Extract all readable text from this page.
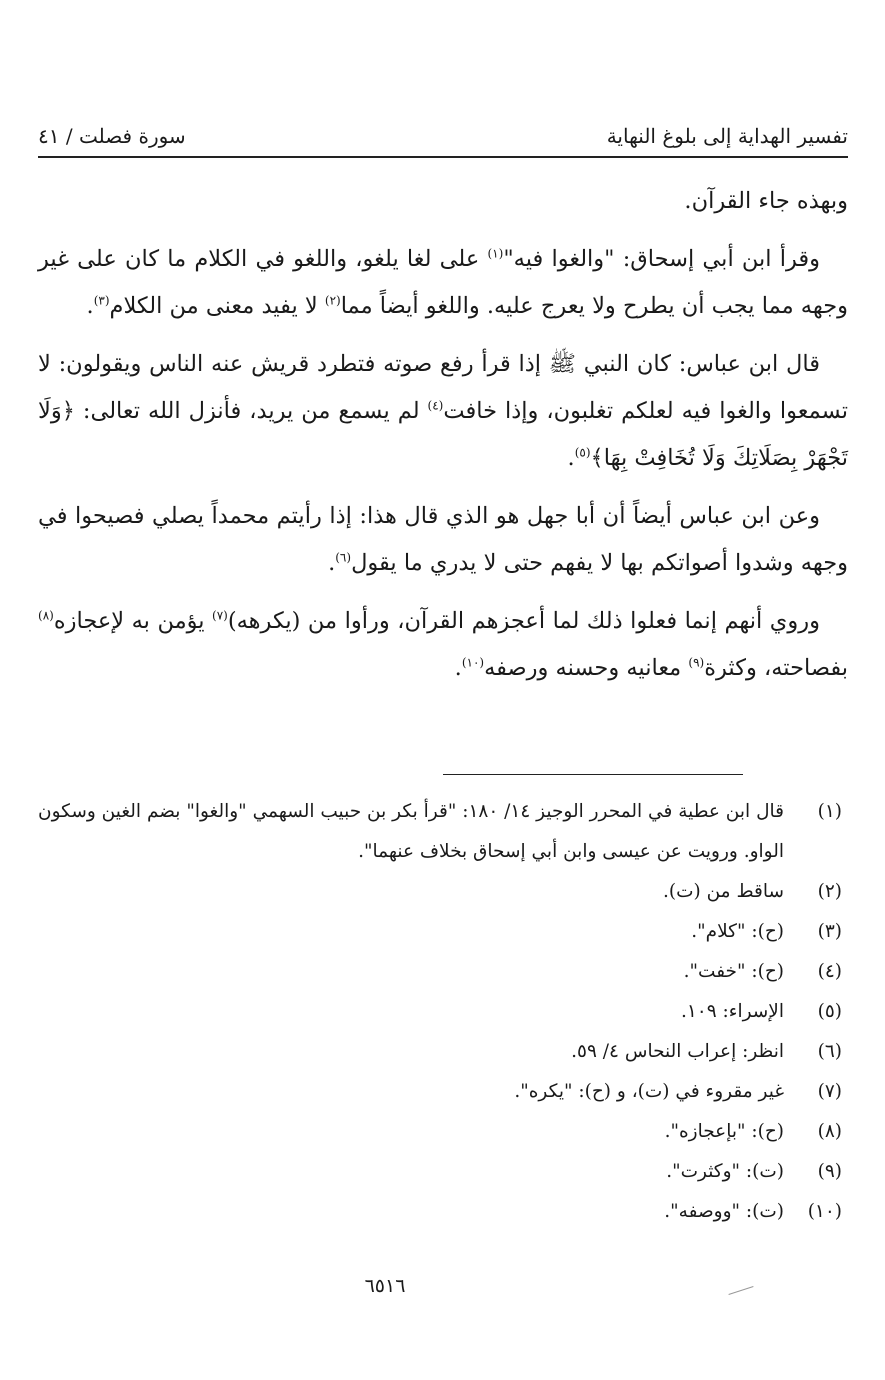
تفسير الهداية إلى بلوغ النهاية
سورة فصلت / ٤١

وبهذه جاء القرآن.

وقرأ ابن أبي إسحاق: "والغوا فيه"$^{(١)}$ على لغا يلغو، واللغو في الكلام ما كان على غير وجهه مما يجب أن يطرح ولا يعرج عليه. واللغو أيضاً مما$^{(٢)}$ لا يفيد معنى من الكلام$^{(٣)}$.

قال ابن عباس: كان النبي ﷺ إذا قرأ رفع صوته فتطرد قريش عنه الناس ويقولون: لا تسمعوا والغوا فيه لعلكم تغلبون، وإذا خافت$^{(٤)}$ لم يسمع من يريد، فأنزل الله تعالى: ﴿وَلَا تَجْهَرْ بِصَلَاتِكَ وَلَا تُخَافِتْ بِهَا﴾$^{(٥)}$.

وعن ابن عباس أيضاً أن أبا جهل هو الذي قال هذا: إذا رأيتم محمداً يصلي فصيحوا في وجهه وشدوا أصواتكم بها لا يفهم حتى لا يدري ما يقول$^{(٦)}$.

وروي أنهم إنما فعلوا ذلك لما أعجزهم القرآن، ورأوا من (يكرهه)$^{(٧)}$ يؤمن به لإعجازه$^{(٨)}$ بفصاحته، وكثرة$^{(٩)}$ معانيه وحسنه ورصفه$^{(١٠)}$.

(١)
قال ابن عطية في المحرر الوجيز ١٤/ ١٨٠: "قرأ بكر بن حبيب السهمي "والغوا" بضم الغين وسكون الواو. ورويت عن عيسى وابن أبي إسحاق بخلاف عنهما".
(٢)
ساقط من (ت).
(٣)
(ح): "كلام".
(٤)
(ح): "خفت".
(٥)
الإسراء: ١٠٩.
(٦)
انظر: إعراب النحاس ٤/ ٥٩.
(٧)
غير مقروء في (ت)، و (ح): "يكره".
(٨)
(ح): "بإعجازه".
(٩)
(ت): "وكثرت".
(١٠)
(ت): "ووصفه".
٦٥١٦
